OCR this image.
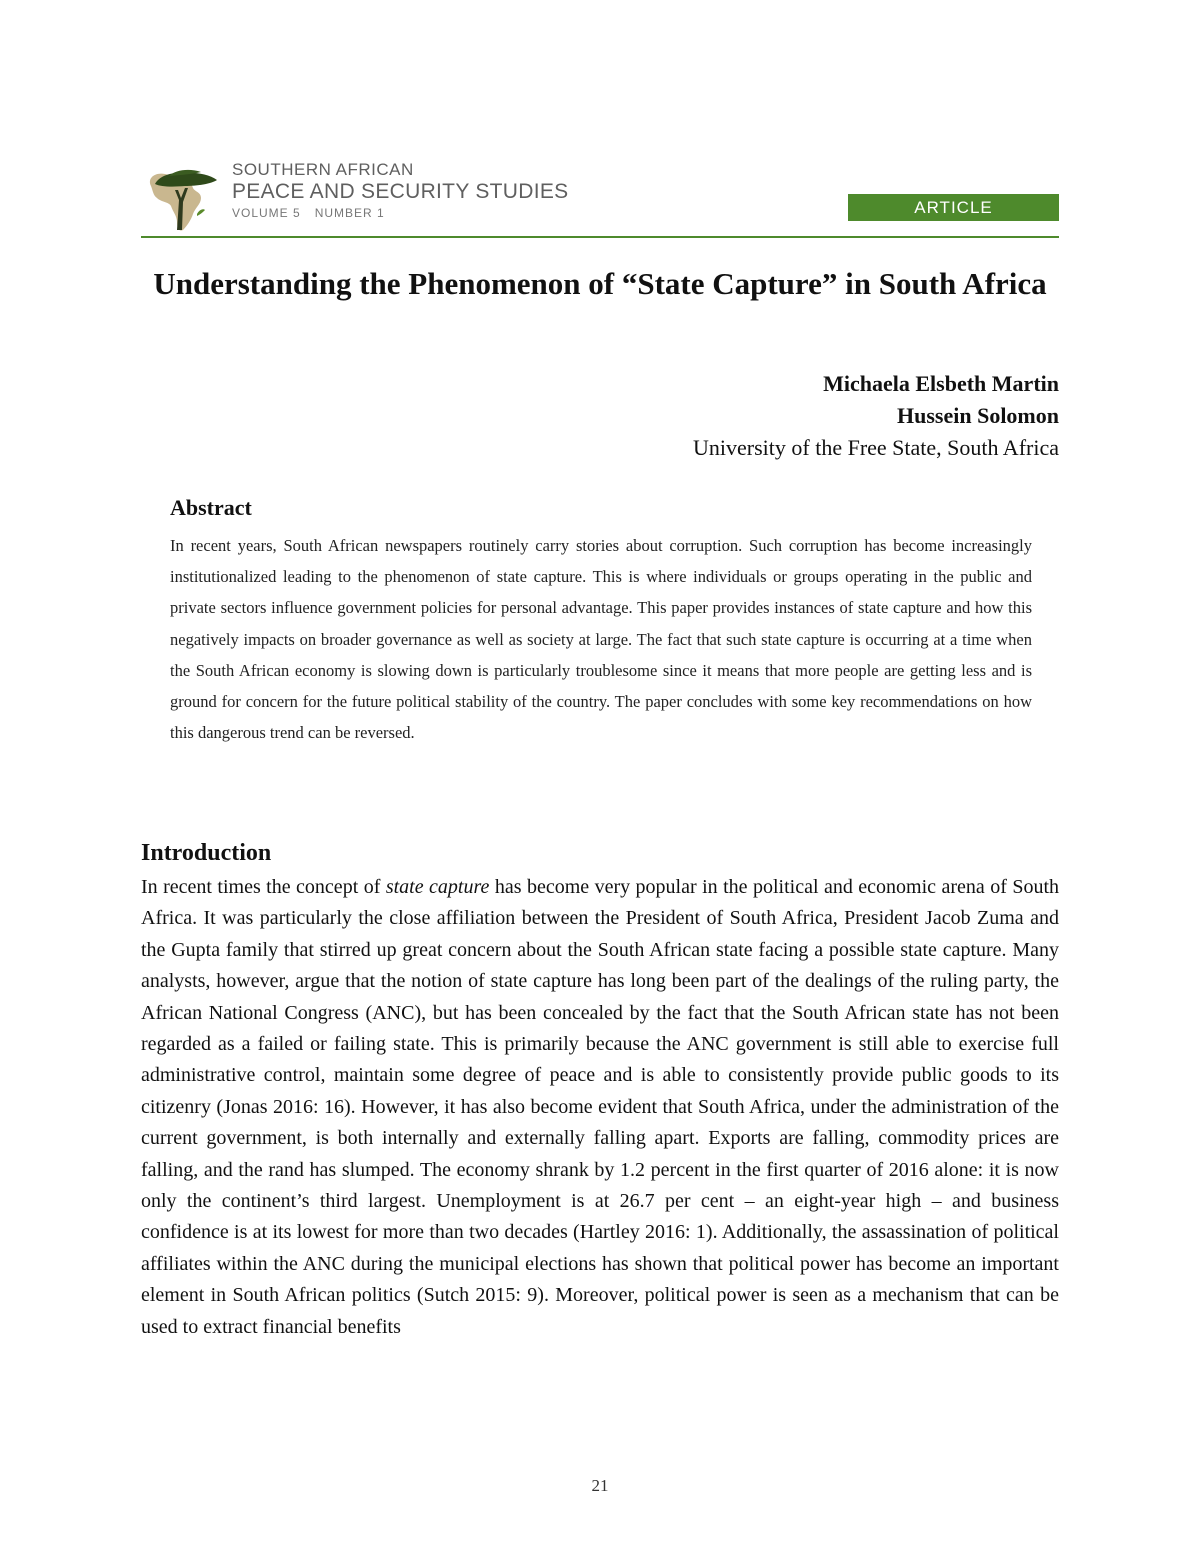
SOUTHERN AFRICAN
PEACE AND SECURITY STUDIES
VOLUME 5 NUMBER 1	ARTICLE
Understanding the Phenomenon of “State Capture” in South Africa
Michaela Elsbeth Martin
Hussein Solomon
University of the Free State, South Africa
Abstract

In recent years, South African newspapers routinely carry stories about corruption. Such corruption has become increasingly institutionalized leading to the phenomenon of state capture. This is where individuals or groups operating in the public and private sectors influence government policies for personal advantage. This paper provides instances of state capture and how this negatively impacts on broader governance as well as society at large. The fact that such state capture is occurring at a time when the South African economy is slowing down is particularly troublesome since it means that more people are getting less and is ground for concern for the future political stability of the country. The paper concludes with some key recommendations on how this dangerous trend can be reversed.

Introduction

In recent times the concept of state capture has become very popular in the political and economic arena of South Africa. It was particularly the close affiliation between the President of South Africa, President Jacob Zuma and the Gupta family that stirred up great concern about the South African state facing a possible state capture. Many analysts, however, argue that the notion of state capture has long been part of the dealings of the ruling party, the African National Congress (ANC), but has been concealed by the fact that the South African state has not been regarded as a failed or failing state. This is primarily because the ANC government is still able to exercise full administrative control, maintain some degree of peace and is able to consistently provide public goods to its citizenry (Jonas 2016: 16). However, it has also become evident that South Africa, under the administration of the current government, is both internally and externally falling apart. Exports are falling, commodity prices are falling, and the rand has slumped. The economy shrank by 1.2 percent in the first quarter of 2016 alone: it is now only the continent’s third largest. Unemployment is at 26.7 per cent – an eight-year high – and business confidence is at its lowest for more than two decades (Hartley 2016: 1). Additionally, the assassination of political affiliates within the ANC during the municipal elections has shown that political power has become an important element in South African politics (Sutch 2015: 9). Moreover, political power is seen as a mechanism that can be used to extract financial benefits

21
